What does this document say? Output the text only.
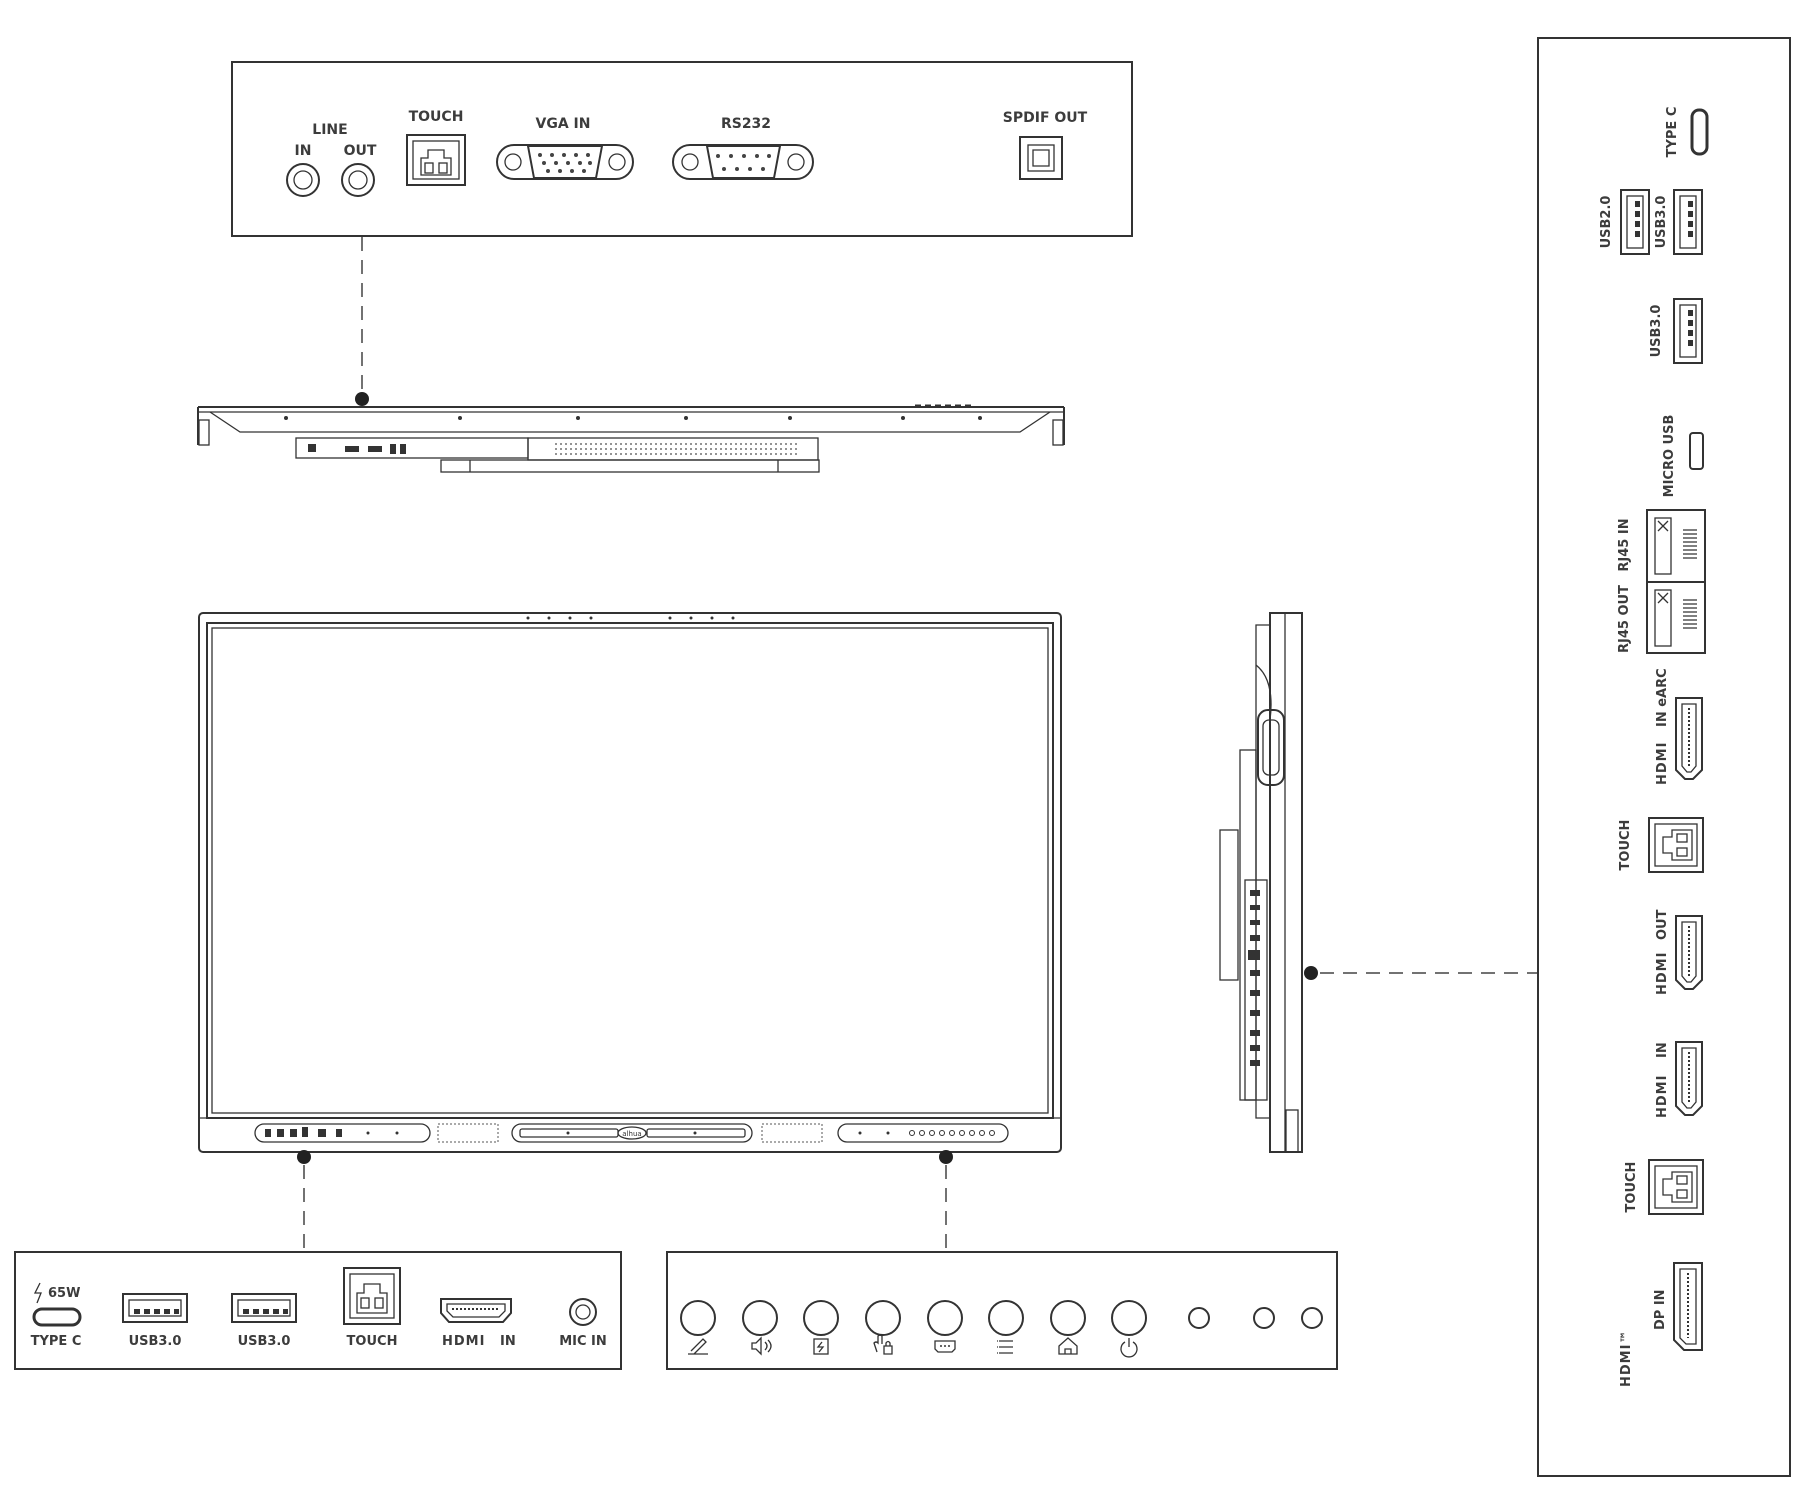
LINE
IN OUT
TOUCH	VGA IN	RS232	SPDIF OUT
alhua
65W
TYPE C	USB3.0	USB3.0	TOUCH	HDMI IN	MIC IN
TYPE C
USB2.0	USB3.0
USB3.0
MICRO USB
RJ45 IN
RJ45 OUT
HDMI
IN eARC
TOUCH
HDMI
OUT
HDMI
IN
TOUCH
DP IN
HDMI™
